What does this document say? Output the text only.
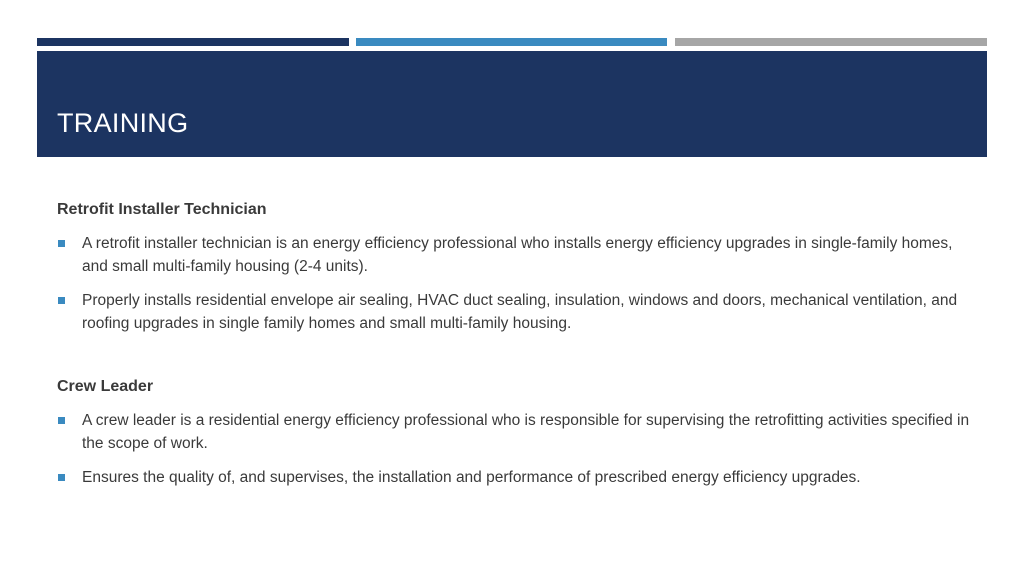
TRAINING

Retrofit Installer Technician

A retrofit installer technician is an energy efficiency professional who installs energy efficiency upgrades in single-family homes, and small multi-family housing (2-4 units).
Properly installs residential envelope air sealing, HVAC duct sealing, insulation, windows and doors, mechanical ventilation, and roofing upgrades in single family homes and small multi-family housing.

Crew Leader

A crew leader is a residential energy efficiency professional who is responsible for supervising the retrofitting activities specified in the scope of work.
Ensures the quality of, and supervises, the installation and performance of prescribed energy efficiency upgrades.
